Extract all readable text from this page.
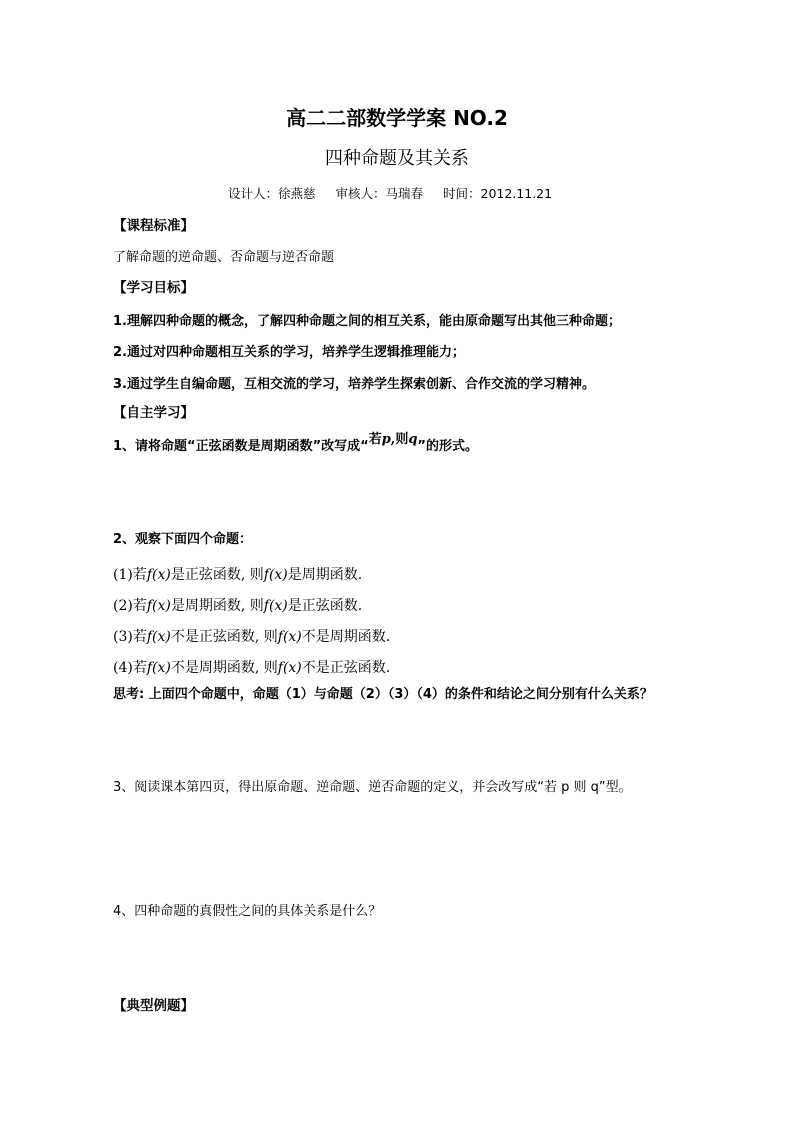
高二二部数学学案 NO.2
四种命题及其关系
设计人：徐燕慈 审核人：马瑞春 时间：2012.11.21
【课程标准】
了解命题的逆命题、否命题与逆否命题
【学习目标】
1.理解四种命题的概念，了解四种命题之间的相互关系，能由原命题写出其他三种命题；
2.通过对四种命题相互关系的学习，培养学生逻辑推理能力；
3.通过学生自编命题，互相交流的学习，培养学生探索创新、合作交流的学习精神。
【自主学习】
1、请将命题“正弦函数是周期函数”改写成“若p,则q”的形式。
2、观察下面四个命题：
(1)若f(x)是正弦函数, 则f(x)是周期函数.
(2)若f(x)是周期函数, 则f(x)是正弦函数.
(3)若f(x)不是正弦函数, 则f(x)不是周期函数.
(4)若f(x)不是周期函数, 则f(x)不是正弦函数.
思考: 上面四个命题中，命题（1）与命题（2）（3）（4）的条件和结论之间分别有什么关系？
3、阅读课本第四页，得出原命题、逆命题、逆否命题的定义，并会改写成“若 p 则 q”型。
4、四种命题的真假性之间的具体关系是什么？
【典型例题】
